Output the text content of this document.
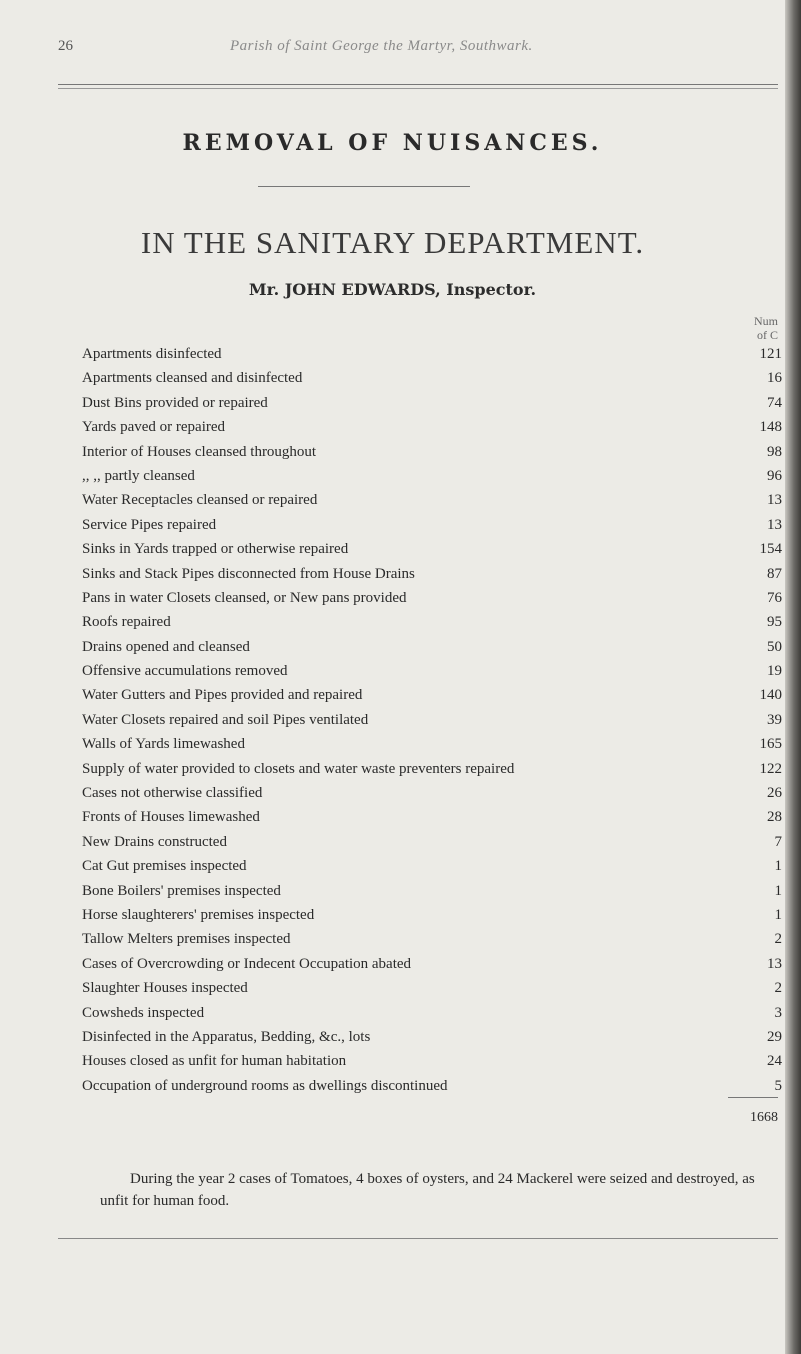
26	Parish of Saint George the Martyr, Southwark.
REMOVAL OF NUISANCES.
IN THE SANITARY DEPARTMENT.
Mr. JOHN EDWARDS, Inspector.
Num
of C
Apartments disinfected	121
Apartments cleansed and disinfected	16
Dust Bins provided or repaired	74
Yards paved or repaired	148
Interior of Houses cleansed throughout	98
,, ,, partly cleansed	96
Water Receptacles cleansed or repaired	13
Service Pipes repaired	13
Sinks in Yards trapped or otherwise repaired	154
Sinks and Stack Pipes disconnected from House Drains	87
Pans in water Closets cleansed, or New pans provided	76
Roofs repaired	95
Drains opened and cleansed	50
Offensive accumulations removed	19
Water Gutters and Pipes provided and repaired	140
Water Closets repaired and soil Pipes ventilated	39
Walls of Yards limewashed	165
Supply of water provided to closets and water waste preventers repaired	122
Cases not otherwise classified	26
Fronts of Houses limewashed	28
New Drains constructed	7
Cat Gut premises inspected	1
Bone Boilers' premises inspected	1
Horse slaughterers' premises inspected	1
Tallow Melters premises inspected	2
Cases of Overcrowding or Indecent Occupation abated	13
Slaughter Houses inspected	2
Cowsheds inspected	3
Disinfected in the Apparatus, Bedding, &c., lots	29
Houses closed as unfit for human habitation	24
Occupation of underground rooms as dwellings discontinued	5
1668
During the year 2 cases of Tomatoes, 4 boxes of oysters, and 24 Mackerel were seized and destroyed, as unfit for human food.
